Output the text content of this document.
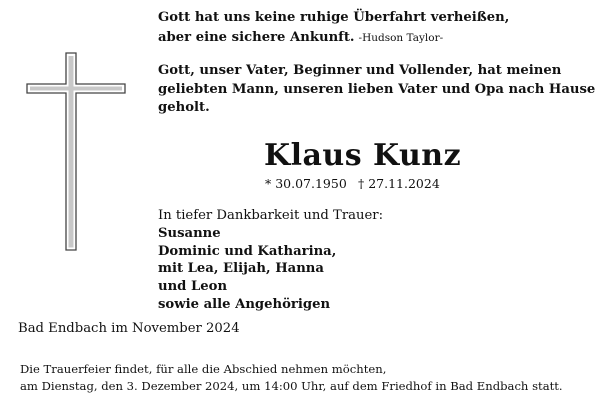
Gott hat uns keine ruhige Überfahrt verheißen,
aber eine sichere Ankunft. -Hudson Taylor-
Gott, unser Vater, Beginner und Vollender, hat meinen
geliebten Mann, unseren lieben Vater und Opa nach Hause
geholt.
Klaus Kunz
* 30.07.1950 † 27.11.2024
In tiefer Dankbarkeit und Trauer:
Susanne
Dominic und Katharina,
mit Lea, Elijah, Hanna
und Leon
sowie alle Angehörigen
Bad Endbach im November 2024
Die Trauerfeier findet, für alle die Abschied nehmen möchten,
am Dienstag, den 3. Dezember 2024, um 14:00 Uhr, auf dem Friedhof in Bad Endbach statt.
